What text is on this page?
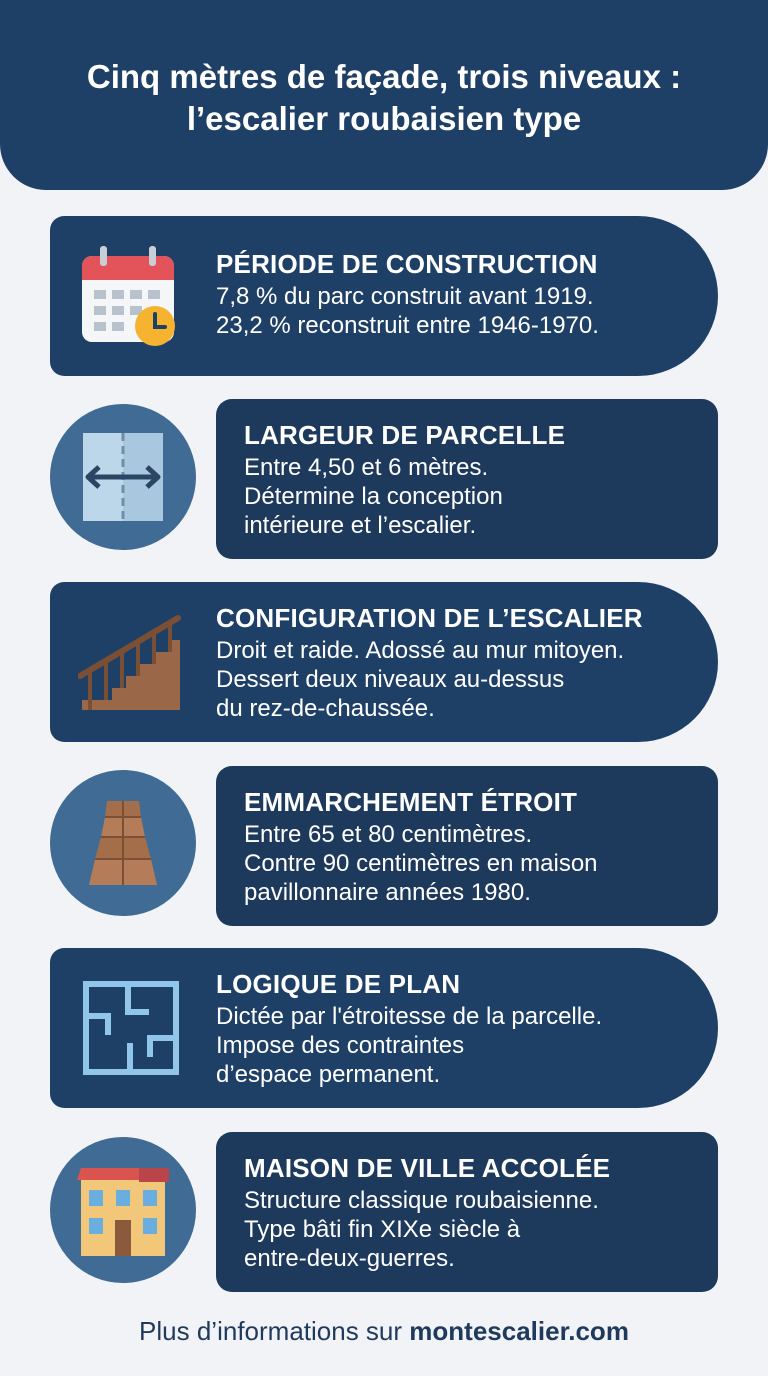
Cinq mètres de façade, trois niveaux :
l’escalier roubaisien type
PÉRIODE DE CONSTRUCTION
7,8 % du parc construit avant 1919.
23,2 % reconstruit entre 1946-1970.
LARGEUR DE PARCELLE
Entre 4,50 et 6 mètres.
Détermine la conception
intérieure et l’escalier.
CONFIGURATION DE L’ESCALIER
Droit et raide. Adossé au mur mitoyen.
Dessert deux niveaux au-dessus
du rez-de-chaussée.
EMMARCHEMENT ÉTROIT
Entre 65 et 80 centimètres.
Contre 90 centimètres en maison
pavillonnaire années 1980.
LOGIQUE DE PLAN
Dictée par l'étroitesse de la parcelle.
Impose des contraintes
d’espace permanent.
MAISON DE VILLE ACCOLÉE
Structure classique roubaisienne.
Type bâti fin XIXe siècle à
entre-deux-guerres.
Plus d’informations sur montescalier.com
